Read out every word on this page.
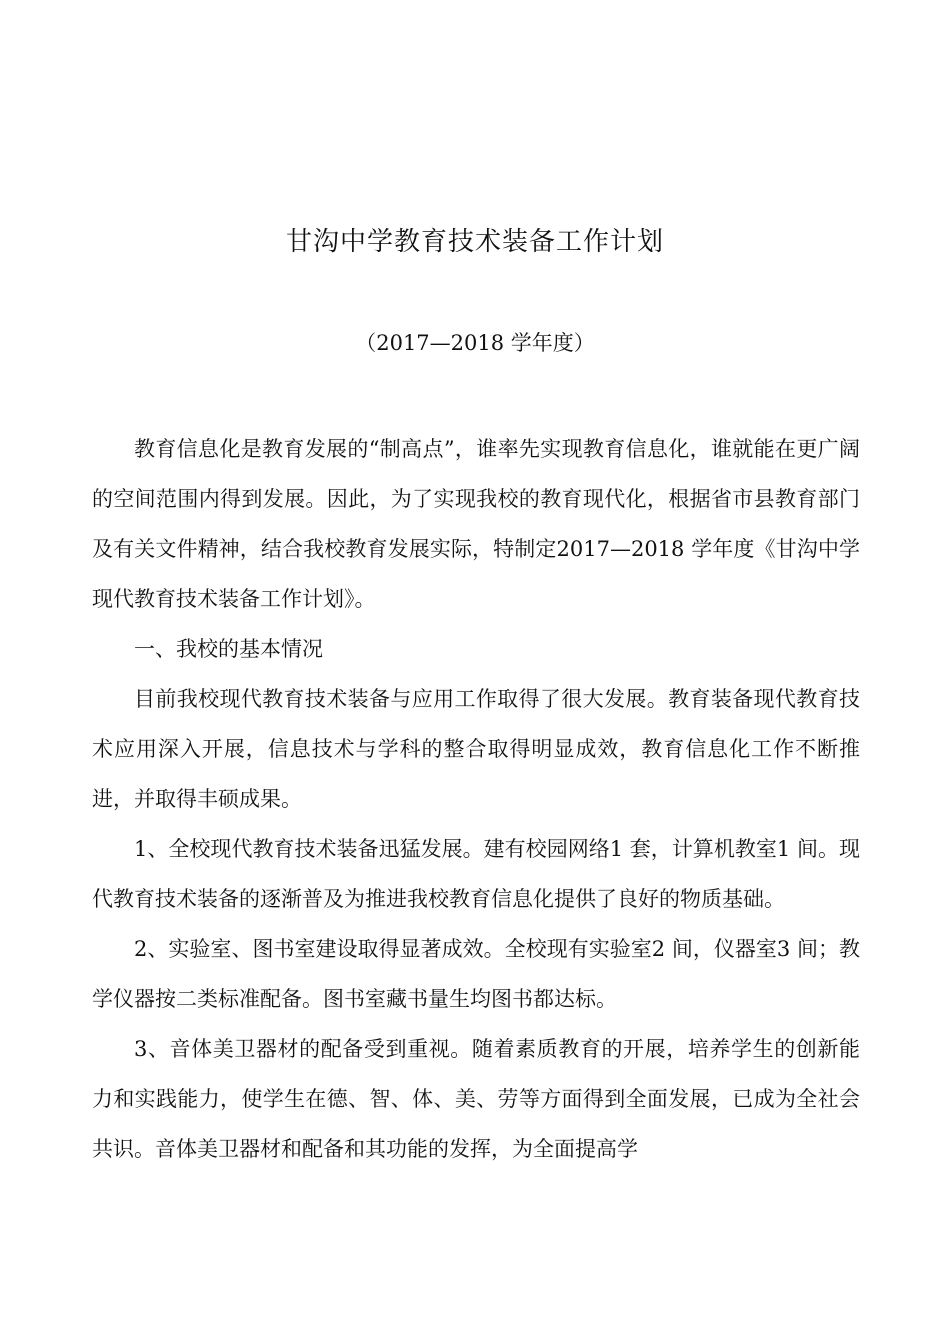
甘沟中学教育技术装备工作计划
（2017—2018 学年度）

教育信息化是教育发展的“制高点”，谁率先实现教育信息化，谁就能在更广阔的空间范围内得到发展。因此，为了实现我校的教育现代化，根据省市县教育部门及有关文件精神，结合我校教育发展实际，特制定2017—2018 学年度《甘沟中学现代教育技术装备工作计划》。

一、我校的基本情况

目前我校现代教育技术装备与应用工作取得了很大发展。教育装备现代教育技术应用深入开展，信息技术与学科的整合取得明显成效，教育信息化工作不断推进，并取得丰硕成果。

1、全校现代教育技术装备迅猛发展。建有校园网络1 套，计算机教室1 间。现代教育技术装备的逐渐普及为推进我校教育信息化提供了良好的物质基础。

2、实验室、图书室建设取得显著成效。全校现有实验室2 间，仪器室3 间；教学仪器按二类标准配备。图书室藏书量生均图书都达标。

3、音体美卫器材的配备受到重视。随着素质教育的开展，培养学生的创新能力和实践能力，使学生在德、智、体、美、劳等方面得到全面发展，已成为全社会共识。音体美卫器材和配备和其功能的发挥，为全面提高学
